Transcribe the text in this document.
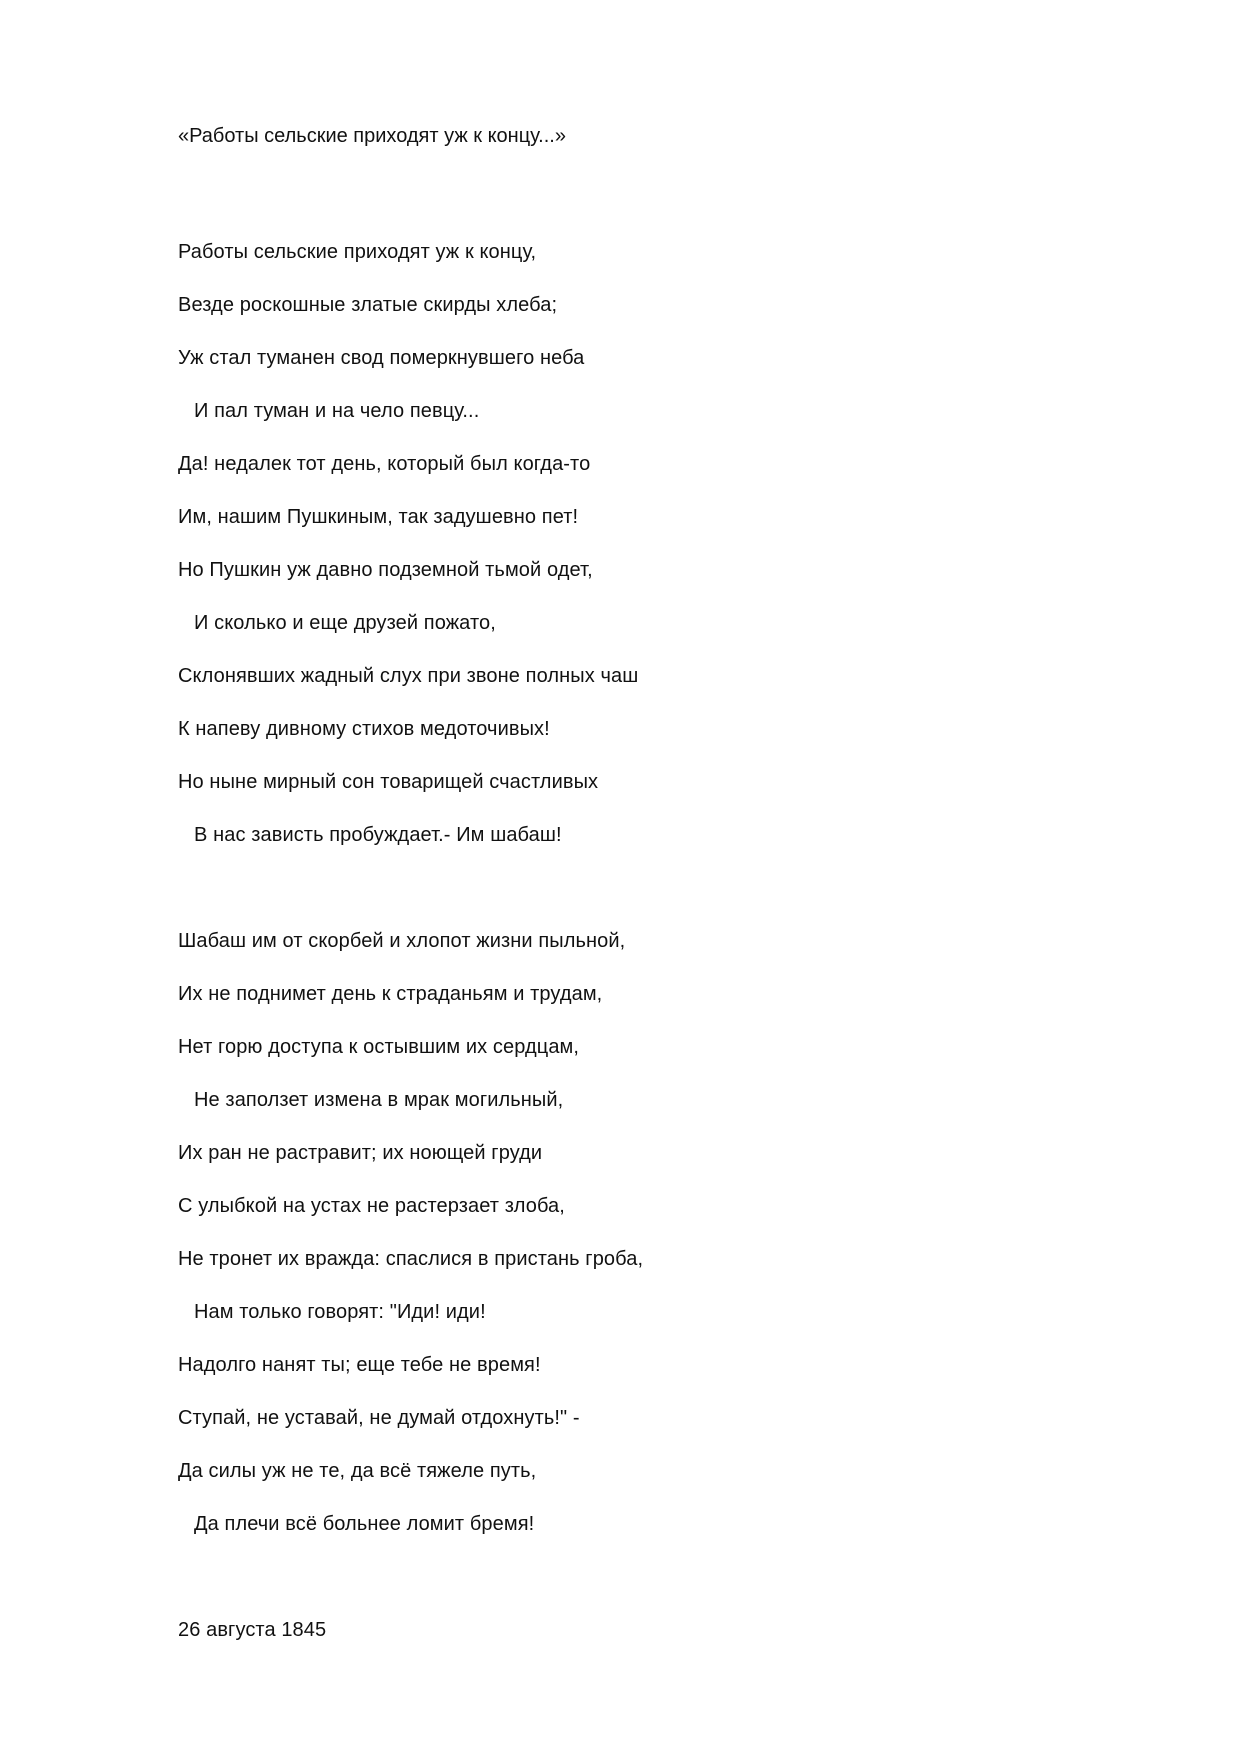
«Работы сельские приходят уж к концу...»
Работы сельские приходят уж к концу,
Везде роскошные златые скирды хлеба;
Уж стал туманен свод померкнувшего неба
И пал туман и на чело певцу...
Да! недалек тот день, который был когда-то
Им, нашим Пушкиным, так задушевно пет!
Но Пушкин уж давно подземной тьмой одет,
И сколько и еще друзей пожато,
Склонявших жадный слух при звоне полных чаш
К напеву дивному стихов медоточивых!
Но ныне мирный сон товарищей счастливых
В нас зависть пробуждает.- Им шабаш!
Шабаш им от скорбей и хлопот жизни пыльной,
Их не поднимет день к страданьям и трудам,
Нет горю доступа к остывшим их сердцам,
Не заползет измена в мрак могильный,
Их ран не растравит; их ноющей груди
С улыбкой на устах не растерзает злоба,
Не тронет их вражда: спаслися в пристань гроба,
Нам только говорят: "Иди! иди!
Надолго нанят ты; еще тебе не время!
Ступай, не уставай, не думай отдохнуть!" -
Да силы уж не те, да всё тяжеле путь,
Да плечи всё больнее ломит бремя!
26 августа 1845
